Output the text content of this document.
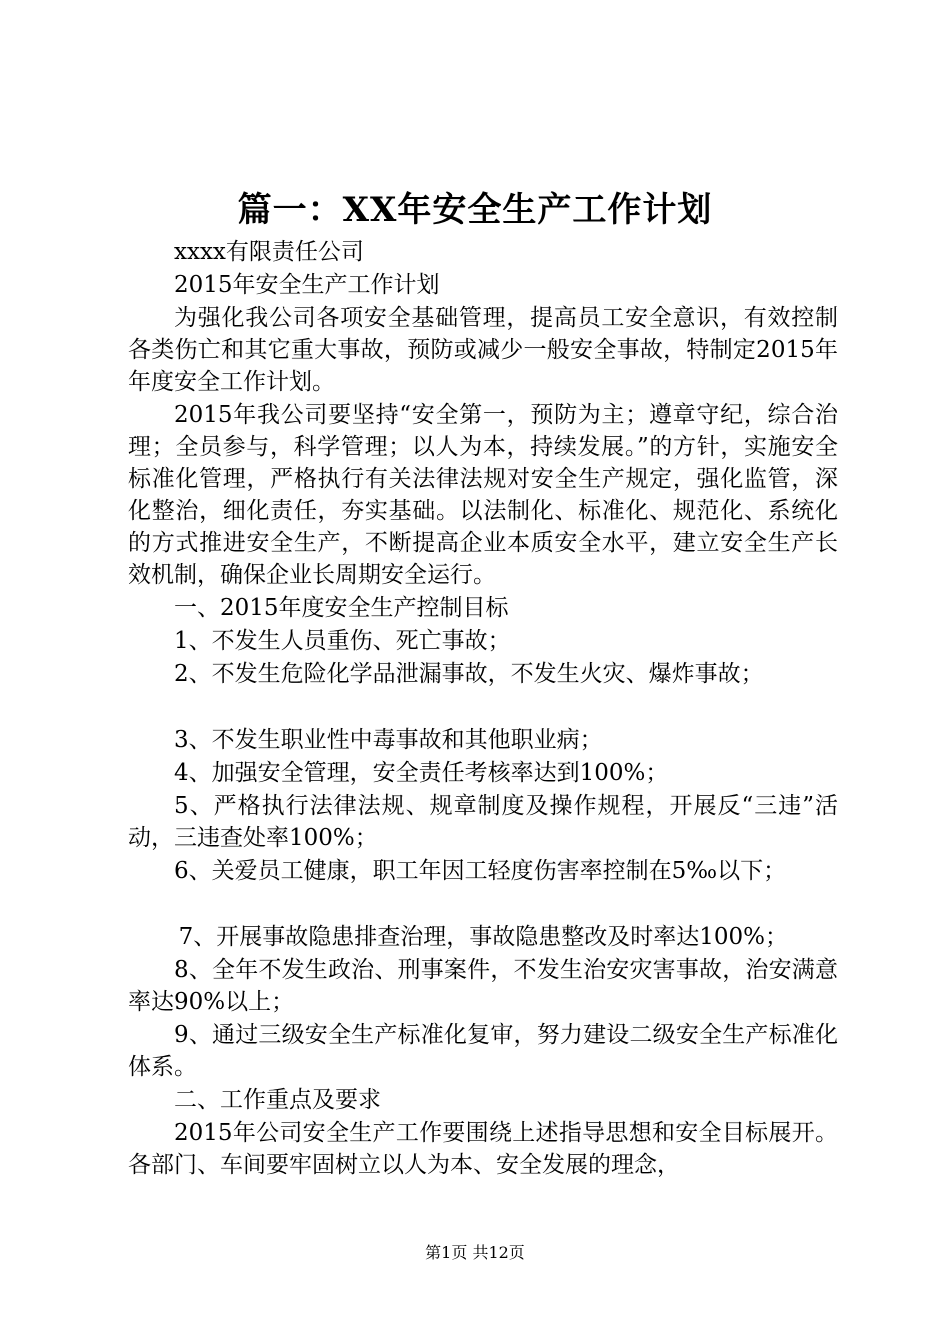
篇一：XX年安全生产工作计划

xxxx有限责任公司

2015年安全生产工作计划

为强化我公司各项安全基础管理，提高员工安全意识，有效控制各类伤亡和其它重大事故，预防或减少一般安全事故，特制定2015年年度安全工作计划。

2015年我公司要坚持“安全第一，预防为主；遵章守纪，综合治理；全员参与，科学管理；以人为本，持续发展。”的方针，实施安全标准化管理，严格执行有关法律法规对安全生产规定，强化监管，深化整治，细化责任，夯实基础。以法制化、标准化、规范化、系统化的方式推进安全生产，不断提高企业本质安全水平，建立安全生产长效机制，确保企业长周期安全运行。

一、2015年度安全生产控制目标

1、不发生人员重伤、死亡事故；

2、不发生危险化学品泄漏事故，不发生火灾、爆炸事故；

3、不发生职业性中毒事故和其他职业病；

4、加强安全管理，安全责任考核率达到100%；

5、严格执行法律法规、规章制度及操作规程，开展反“三违”活动，三违查处率100%；

6、关爱员工健康，职工年因工轻度伤害率控制在5‰以下；

7、开展事故隐患排查治理，事故隐患整改及时率达100%；

8、全年不发生政治、刑事案件，不发生治安灾害事故，治安满意率达90%以上；

9、通过三级安全生产标准化复审，努力建设二级安全生产标准化体系。

二、工作重点及要求

2015年公司安全生产工作要围绕上述指导思想和安全目标展开。各部门、车间要牢固树立以人为本、安全发展的理念，

第1页 共12页
